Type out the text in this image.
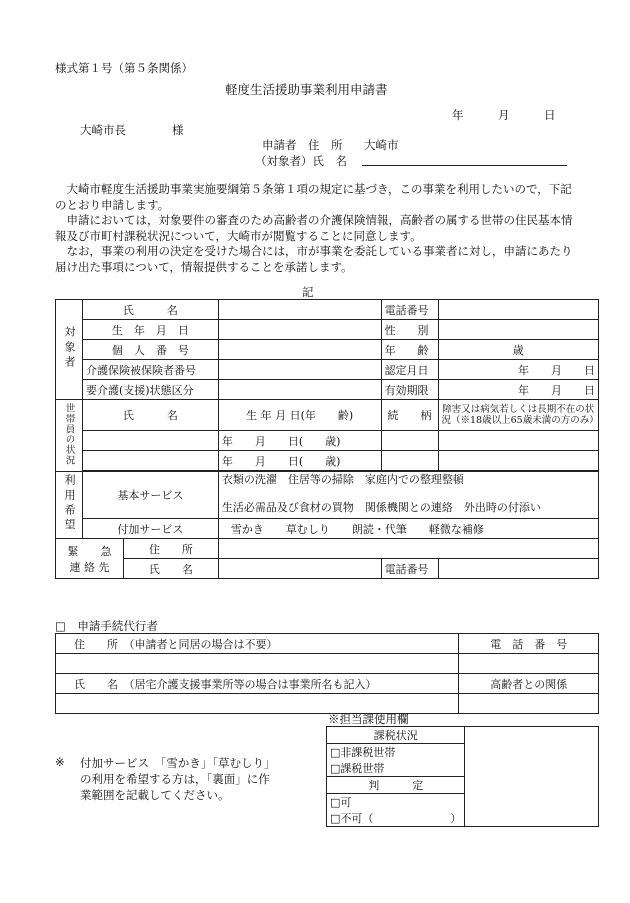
様式第１号（第５条関係）
軽度生活援助事業利用申請書
年　　　月　　　日
大崎市長　　　　様
申請者　住　所 大崎市
（対象者）氏　名
　大崎市軽度生活援助事業実施要綱第５条第１項の規定に基づき，この事業を利用したいので，下記のとおり申請します。
　申請においては，対象要件の審査のため高齢者の介護保険情報，高齢者の属する世帯の住民基本情報及び市町村課税状況について，大崎市が閲覧することに同意します。
　なお，事業の利用の決定を受けた場合には，市が事業を委託している事業者に対し，申請にあたり届け出た事項について，情報提供することを承諾します。
記
対象者	氏　　　名			電話番号	
	生　年　月　日			性　　別	
	個　人　番　号			年　　齢	歳
	介護保険被保険者番号			認定月日	年　　月　　日
	要介護(支援)状態区分			有効期限	年　　月　　日
世帯員の状況	氏　　　名		生 年 月 日(年　　齢)	続　　柄	障害又は病気若しくは長期不在の状況（※18歳以上65歳未満の方のみ）
			年　　月　　日(　　歳)		
			年　　月　　日(　　歳)		

利用希望	基本サービス		衣類の洗濯　住居等の掃除　家庭内での整理整頓
生活必需品及び食材の買物　関係機関との連絡　外出時の付添い		

	付加サービス		雪かき　　草むしり　　朗読・代筆　　軽微な補修		

緊　　急
連 絡 先		住　　所			
		氏　　名		電話番号	
□　申請手続代行者
住　　所　（申請者と同居の場合は不要）	電　話　番　号

氏　　名　（居宅介護支援事業所等の場合は事業所名も記入）	高齢者との関係

※担当課使用欄
課税状況	
□非課税世帯
□課税世帯
判　　　定
□可
□不可（　　　　　　　）
※ 付加サービス　「雪かき」「草むしり」
の利用を希望する方は，「裏面」に作
業範囲を記載してください。
